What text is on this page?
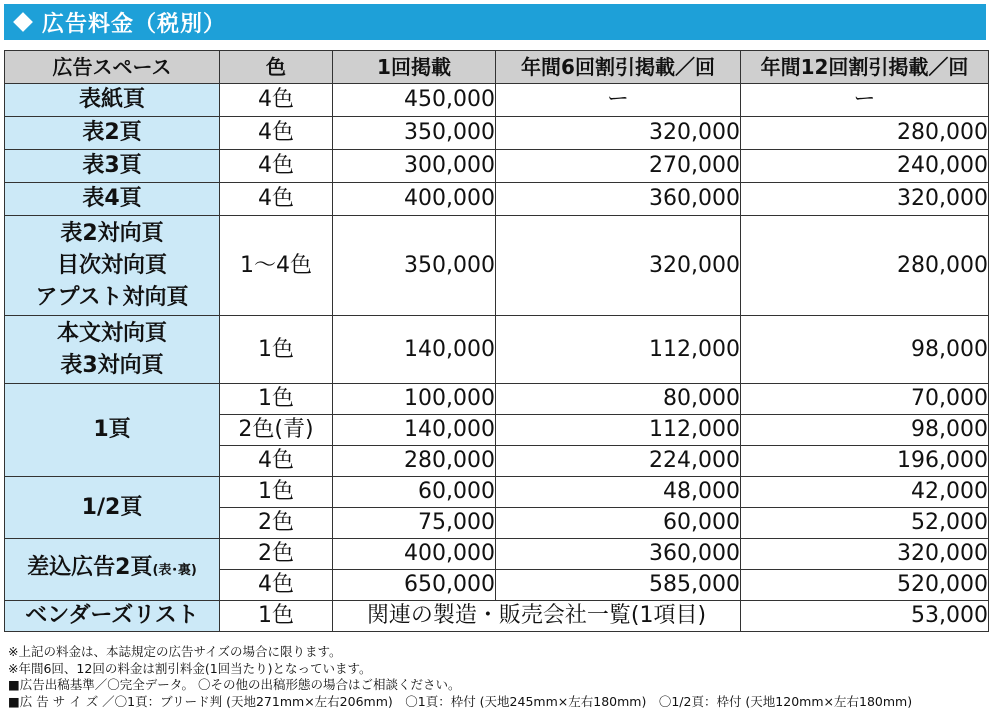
広告料金（税別）
広告スペース	色	1回掲載	年間6回割引掲載／回	年間12回割引掲載／回

表紙頁	4色	450,000	ー	ー

表2頁	4色	350,000	320,000	280,000

表3頁	4色	300,000	270,000	240,000

表4頁	4色	400,000	360,000	320,000

表2対向頁
目次対向頁
アプスト対向頁	1～4色	350,000	320,000	280,000

本文対向頁
表3対向頁	1色	140,000	112,000	98,000

1頁	1色	100,000	80,000	70,000
	2色(青)	140,000	112,000	98,000
	4色	280,000	224,000	196,000

1/2頁	1色	60,000	48,000	42,000
	2色	75,000	60,000	52,000

差込広告2頁(表･裏)	2色	400,000	360,000	320,000
	4色	650,000	585,000	520,000
ベンダーズリスト	1色	関連の製造・販売会社一覧(1項目)		53,000
※上記の料金は、本誌規定の広告サイズの場合に限ります。
※年間6回、12回の料金は割引料金(1回当たり)となっています。
■広告出稿基準／〇完全データ。 〇その他の出稿形態の場合はご相談ください。
■広 告 サ イ ズ ／〇1頁：ブリード判 (天地271mm×左右206mm)　〇1頁：枠付 (天地245mm×左右180mm)　〇1/2頁：枠付 (天地120mm×左右180mm)
